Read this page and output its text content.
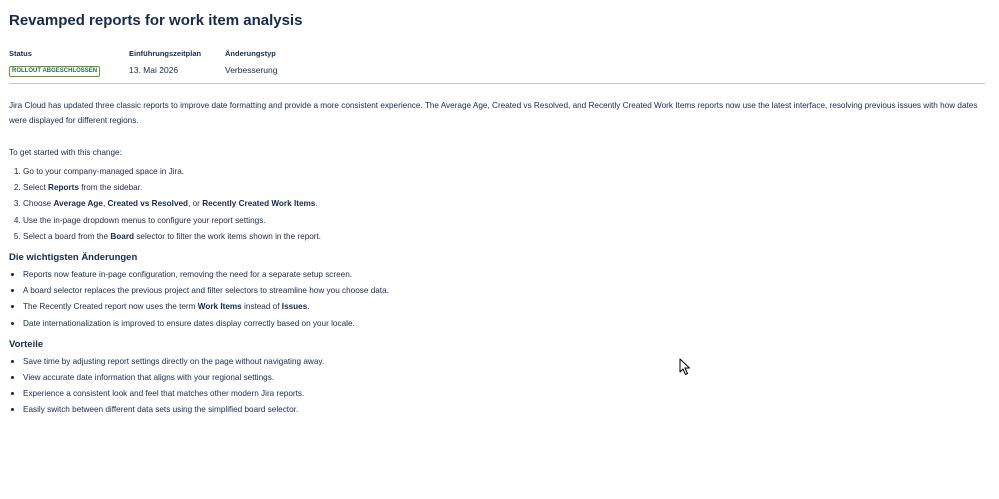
Revamped reports for work item analysis
Status
ROLLOUT ABGESCHLOSSEN
Einführungszeitplan
13. Mai 2026
Änderungstyp
Verbesserung

Jira Cloud has updated three classic reports to improve date formatting and provide a more consistent experience. The Average Age, Created vs Resolved, and Recently Created Work Items reports now use the latest interface, resolving previous issues with how dates were displayed for different regions.

To get started with this change:

1. Go to your company-managed space in Jira.
2. Select Reports from the sidebar.
3. Choose Average Age, Created vs Resolved, or Recently Created Work Items.
4. Use the in-page dropdown menus to configure your report settings.
5. Select a board from the Board selector to filter the work items shown in the report.
Die wichtigsten Änderungen
Reports now feature in-page configuration, removing the need for a separate setup screen.
A board selector replaces the previous project and filter selectors to streamline how you choose data.
The Recently Created report now uses the term Work Items instead of Issues.
Date internationalization is improved to ensure dates display correctly based on your locale.
Vorteile
Save time by adjusting report settings directly on the page without navigating away.
View accurate date information that aligns with your regional settings.
Experience a consistent look and feel that matches other modern Jira reports.
Easily switch between different data sets using the simplified board selector.
